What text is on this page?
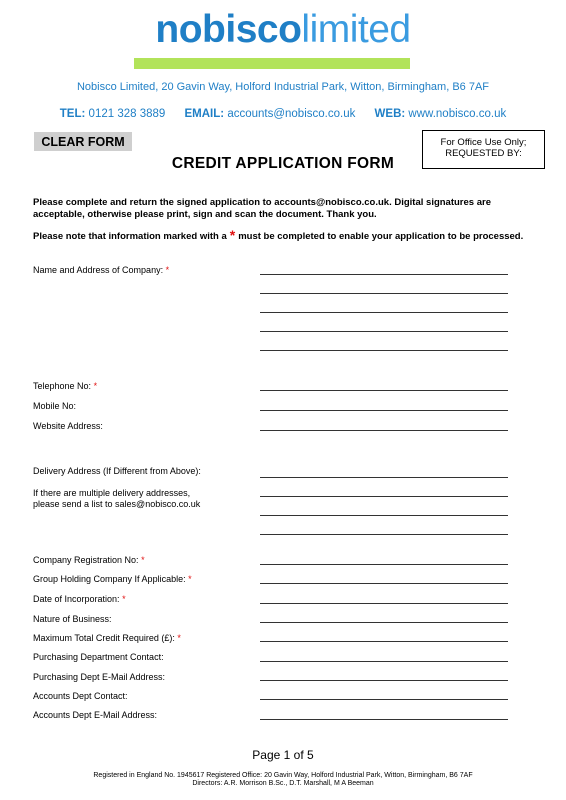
nobiscolimited
Nobisco Limited, 20 Gavin Way, Holford Industrial Park, Witton, Birmingham, B6 7AF
TEL: 0121 328 3889 EMAIL: accounts@nobisco.co.uk WEB: www.nobisco.co.uk
CLEAR FORM	For Office Use Only;
REQUESTED BY:
CREDIT APPLICATION FORM
Please complete and return the signed application to accounts@nobisco.co.uk. Digital signatures are acceptable, otherwise please print, sign and scan the document. Thank you.
Please note that information marked with a * must be completed to enable your application to be processed.
Name and Address of Company: *
Telephone No: *
Mobile No:
Website Address:
Delivery Address (If Different from Above):
If there are multiple delivery addresses,
please send a list to sales@nobisco.co.uk
Company Registration No: *
Group Holding Company If Applicable: *
Date of Incorporation: *
Nature of Business:
Maximum Total Credit Required (£): *
Purchasing Department Contact:
Purchasing Dept E-Mail Address:
Accounts Dept Contact:
Accounts Dept E-Mail Address:
Page 1 of 5
Registered in England No. 1945617 Registered Office: 20 Gavin Way, Holford Industrial Park, Witton, Birmingham, B6 7AF
Directors: A.R. Morrison B.Sc., D.T. Marshall, M A Beeman
